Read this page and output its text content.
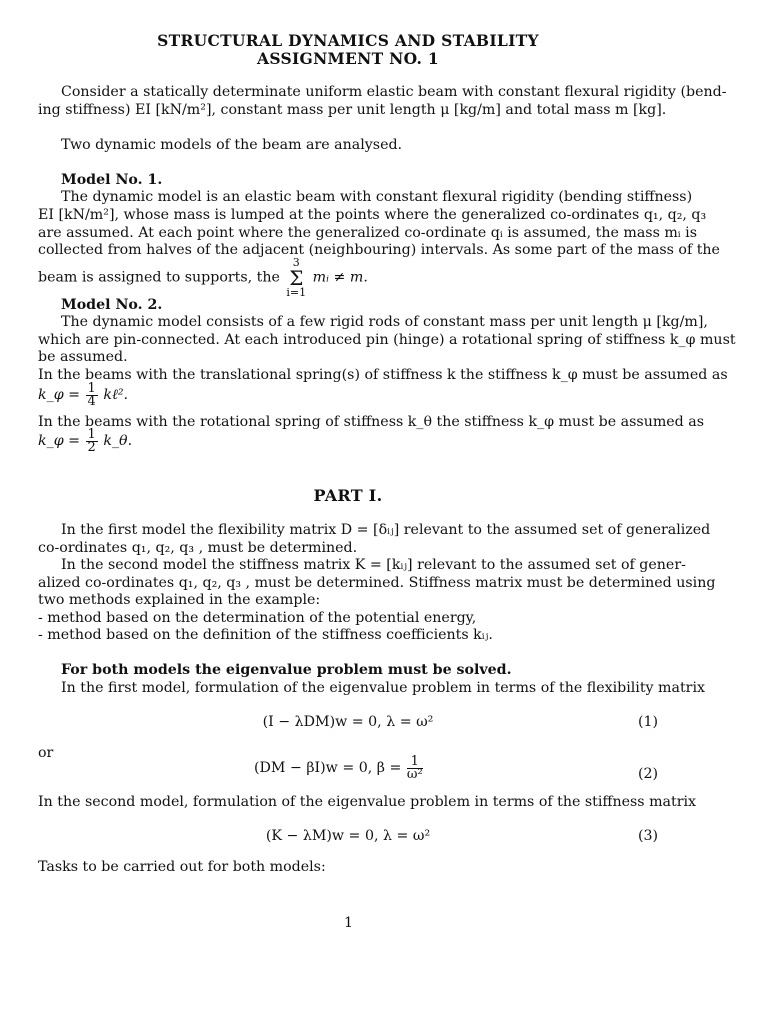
STRUCTURAL DYNAMICS AND STABILITY
ASSIGNMENT NO. 1
Consider a statically determinate uniform elastic beam with constant flexural rigidity (bend-
ing stiffness) EI [kN/m²], constant mass per unit length μ [kg/m] and total mass m [kg].
Two dynamic models of the beam are analysed.
Model No. 1.
The dynamic model is an elastic beam with constant flexural rigidity (bending stiffness)
EI [kN/m²], whose mass is lumped at the points where the generalized co-ordinates q₁, q₂, q₃
are assumed. At each point where the generalized co-ordinate qᵢ is assumed, the mass mᵢ is
collected from halves of the adjacent (neighbouring) intervals. As some part of the mass of the
beam is assigned to supports, the 3
Σ
i=1 mᵢ ≠ m.
Model No. 2.
The dynamic model consists of a few rigid rods of constant mass per unit length μ [kg/m],
which are pin-connected. At each introduced pin (hinge) a rotational spring of stiffness k_φ must
be assumed.
In the beams with the translational spring(s) of stiffness k the stiffness k_φ must be assumed as
k_φ = $\frac{1}{4}$ kℓ².
In the beams with the rotational spring of stiffness k_θ the stiffness k_φ must be assumed as
k_φ = $\frac{1}{2}$ k_θ.
PART I.
In the first model the flexibility matrix D = [δᵢⱼ] relevant to the assumed set of generalized
co-ordinates q₁, q₂, q₃ , must be determined.
In the second model the stiffness matrix K = [kᵢⱼ] relevant to the assumed set of gener-
alized co-ordinates q₁, q₂, q₃ , must be determined. Stiffness matrix must be determined using
two methods explained in the example:
- method based on the determination of the potential energy,
- method based on the definition of the stiffness coefficients kᵢⱼ.
For both models the eigenvalue problem must be solved.
In the first model, formulation of the eigenvalue problem in terms of the flexibility matrix
(I − λDM)w = 0, λ = ω²	(1)
or
(DM − βI)w = 0, $\beta = \frac{1}{\text{ω²}}$	(2)
In the second model, formulation of the eigenvalue problem in terms of the stiffness matrix
(K − λM)w = 0, λ = ω²	(3)
Tasks to be carried out for both models:
1
